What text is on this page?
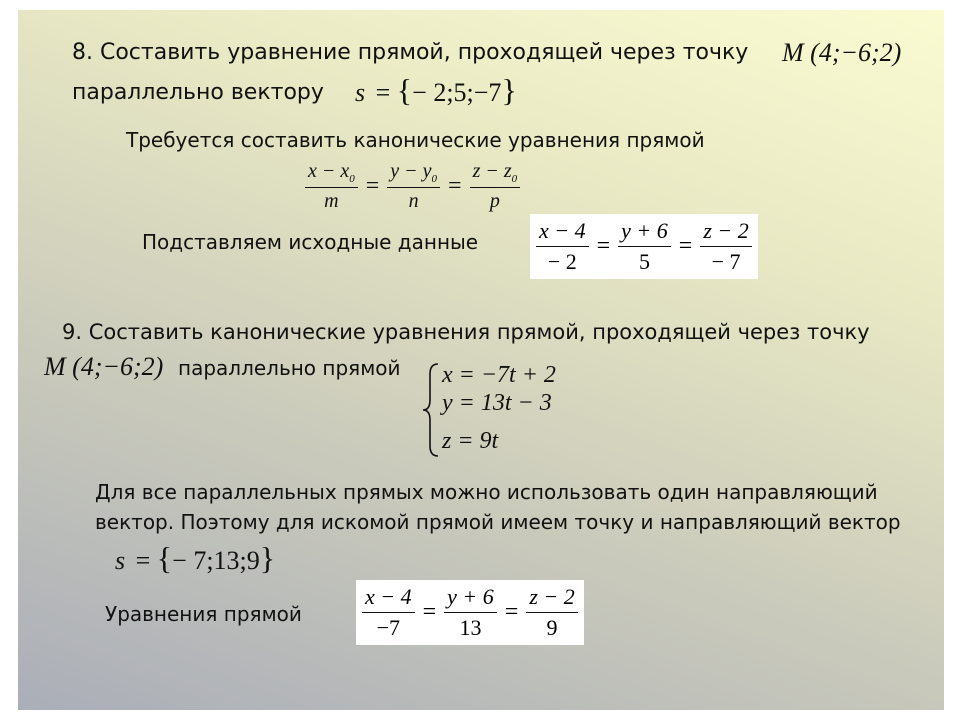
8. Составить уравнение прямой, проходящей через точку M (4;−6;2)
параллельно вектору s = {− 2;5;−7}
Требуется составить канонические уравнения прямой
$\frac{x - x_0}{m} = \frac{y - y_0}{n} = \frac{z - z_0}{p}$
Подставляем исходные данные	$\frac{x - 4}{- 2} = \frac{y + 6}{5} = \frac{z - 2}{- 7}$
9. Составить канонические уравнения прямой, проходящей через точку
M (4;−6;2) параллельно прямой x = −7t + 2
y = 13t − 3
z = 9t
Для все параллельных прямых можно использовать один направляющий
вектор. Поэтому для искомой прямой имеем точку и направляющий вектор
s = {− 7;13;9}
Уравнения прямой	$\frac{x - 4}{-7} = \frac{y + 6}{13} = \frac{z - 2}{9}$
